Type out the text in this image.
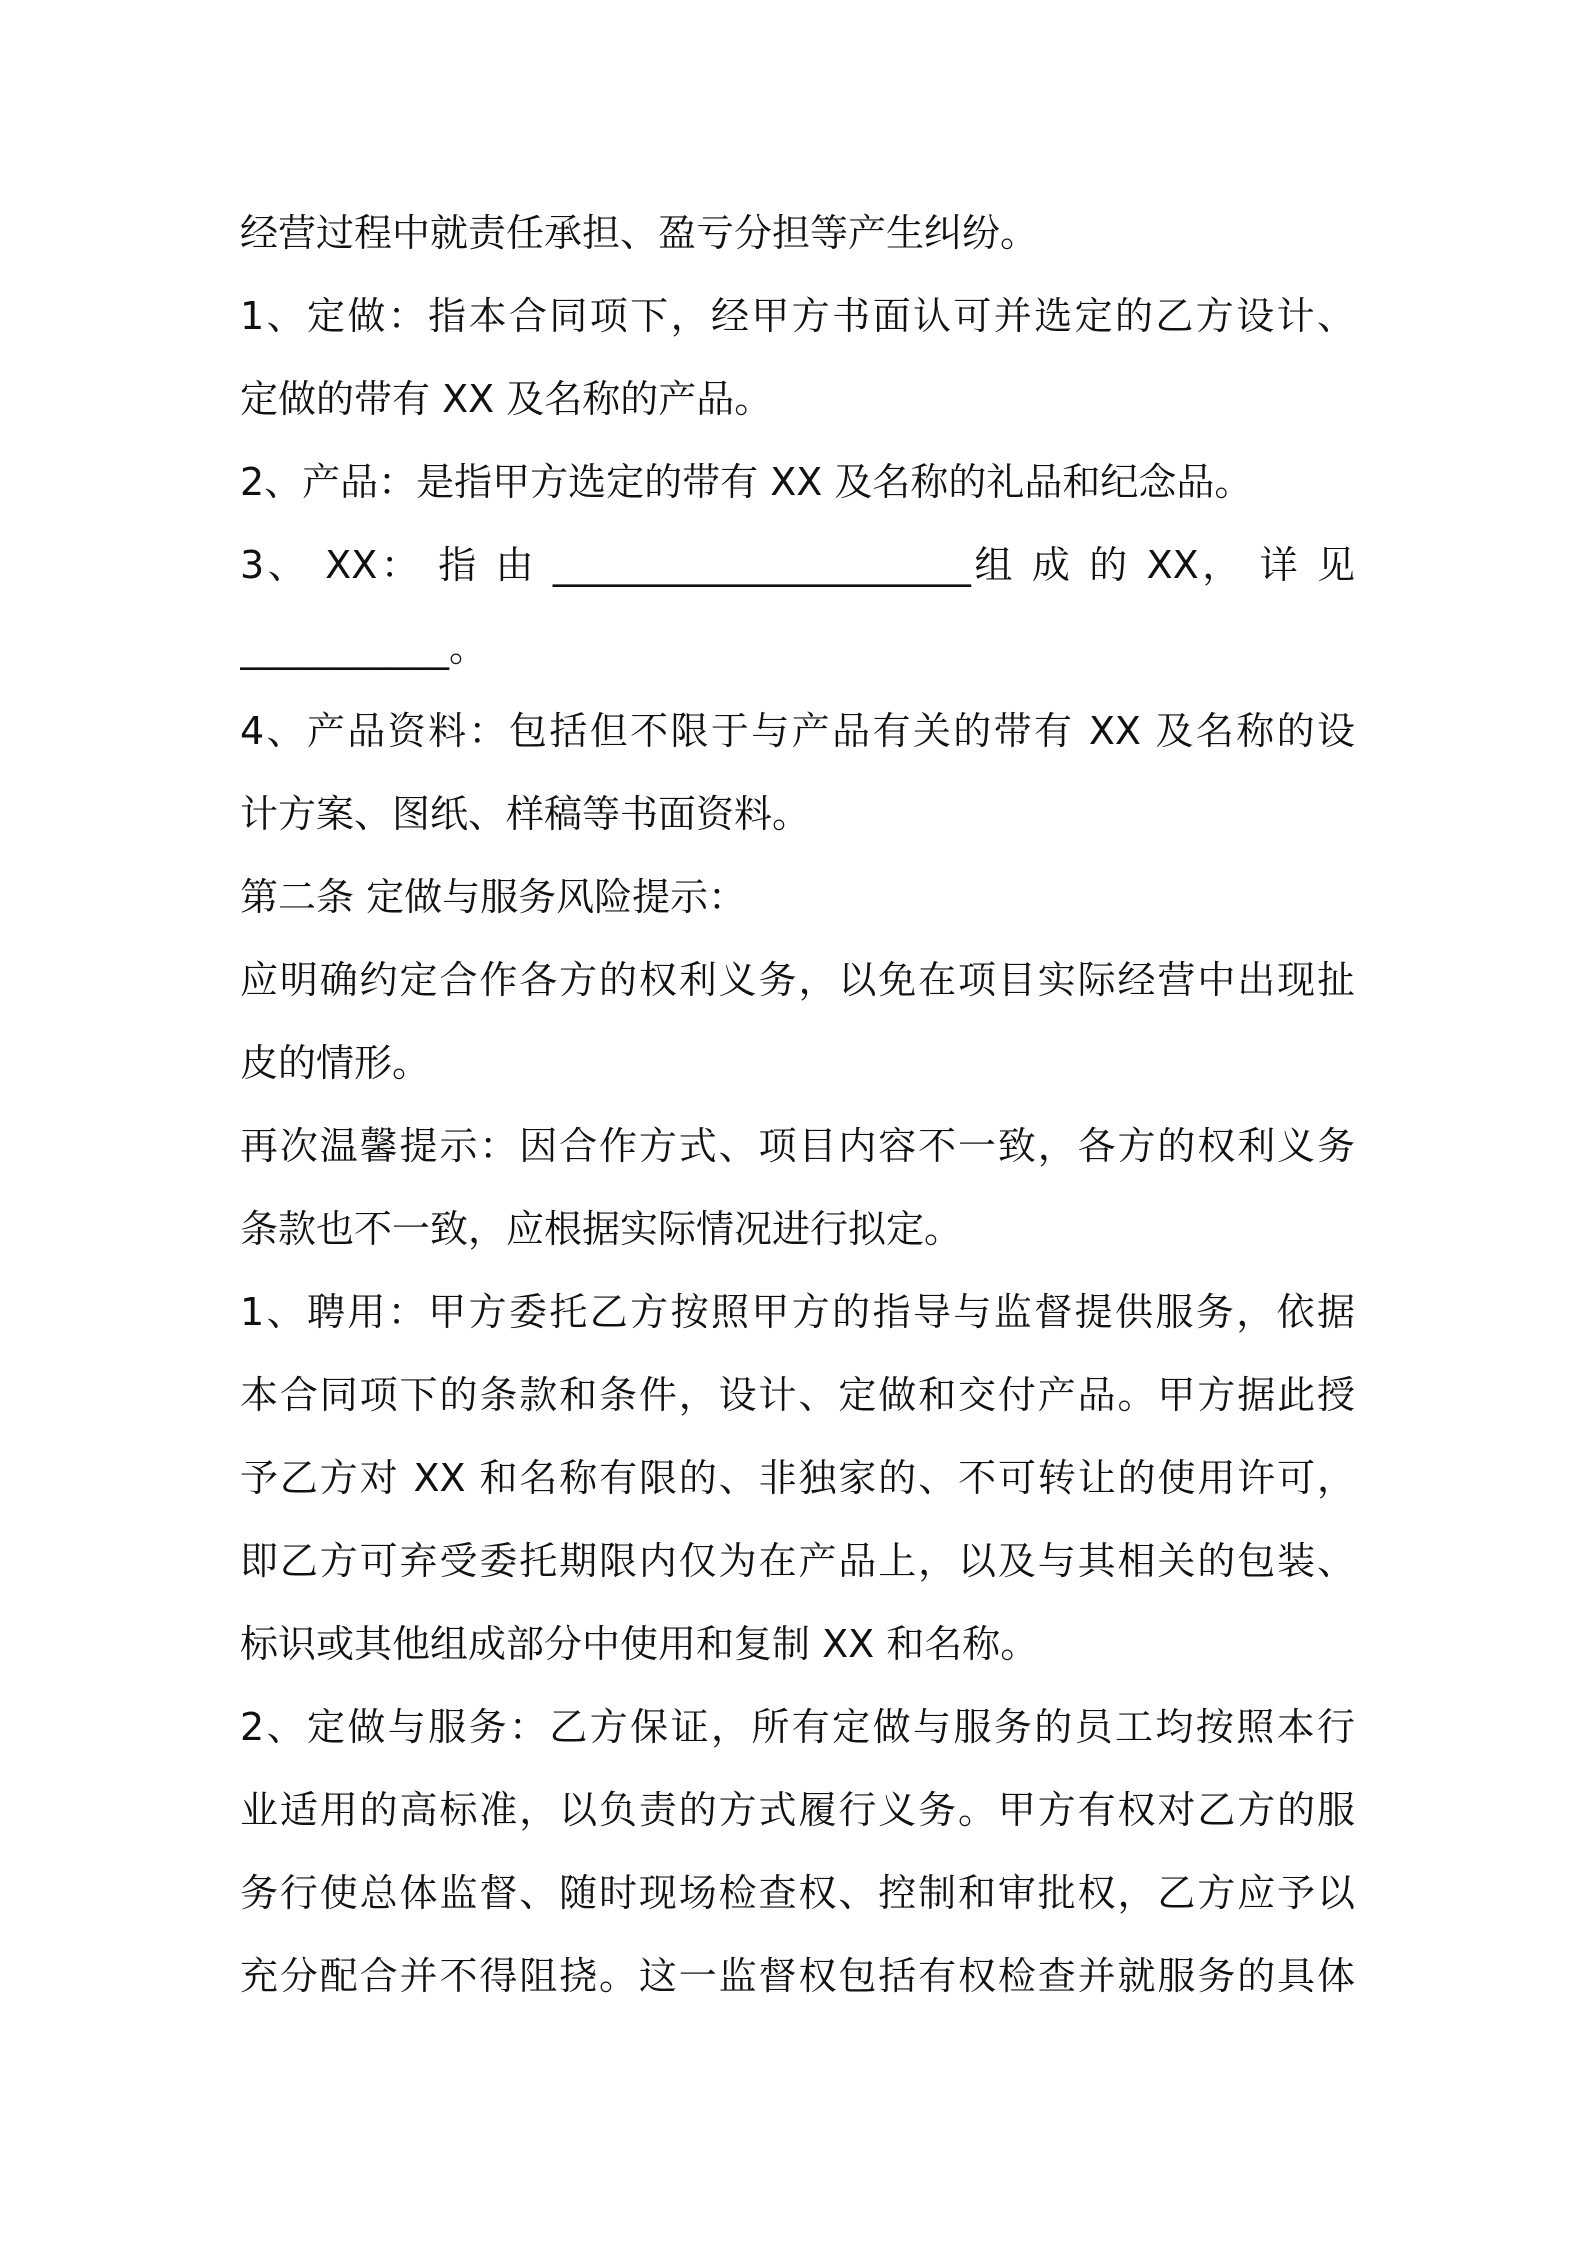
经营过程中就责任承担、盈亏分担等产生纠纷。
1、定做：指本合同项下，经甲方书面认可并选定的乙方设计、
定做的带有 XX 及名称的产品。
2、产品：是指甲方选定的带有 XX 及名称的礼品和纪念品。
3、 XX： 指 由 ______________________组 成 的 XX， 详 见
___________。
4、产品资料：包括但不限于与产品有关的带有 XX 及名称的设
计方案、图纸、样稿等书面资料。
第二条 定做与服务风险提示：
应明确约定合作各方的权利义务，以免在项目实际经营中出现扯
皮的情形。
再次温馨提示：因合作方式、项目内容不一致，各方的权利义务
条款也不一致，应根据实际情况进行拟定。
1、聘用：甲方委托乙方按照甲方的指导与监督提供服务，依据
本合同项下的条款和条件，设计、定做和交付产品。甲方据此授
予乙方对 XX 和名称有限的、非独家的、不可转让的使用许可，
即乙方可弃受委托期限内仅为在产品上，以及与其相关的包装、
标识或其他组成部分中使用和复制 XX 和名称。
2、定做与服务：乙方保证，所有定做与服务的员工均按照本行
业适用的高标准，以负责的方式履行义务。甲方有权对乙方的服
务行使总体监督、随时现场检查权、控制和审批权，乙方应予以
充分配合并不得阻挠。这一监督权包括有权检查并就服务的具体
